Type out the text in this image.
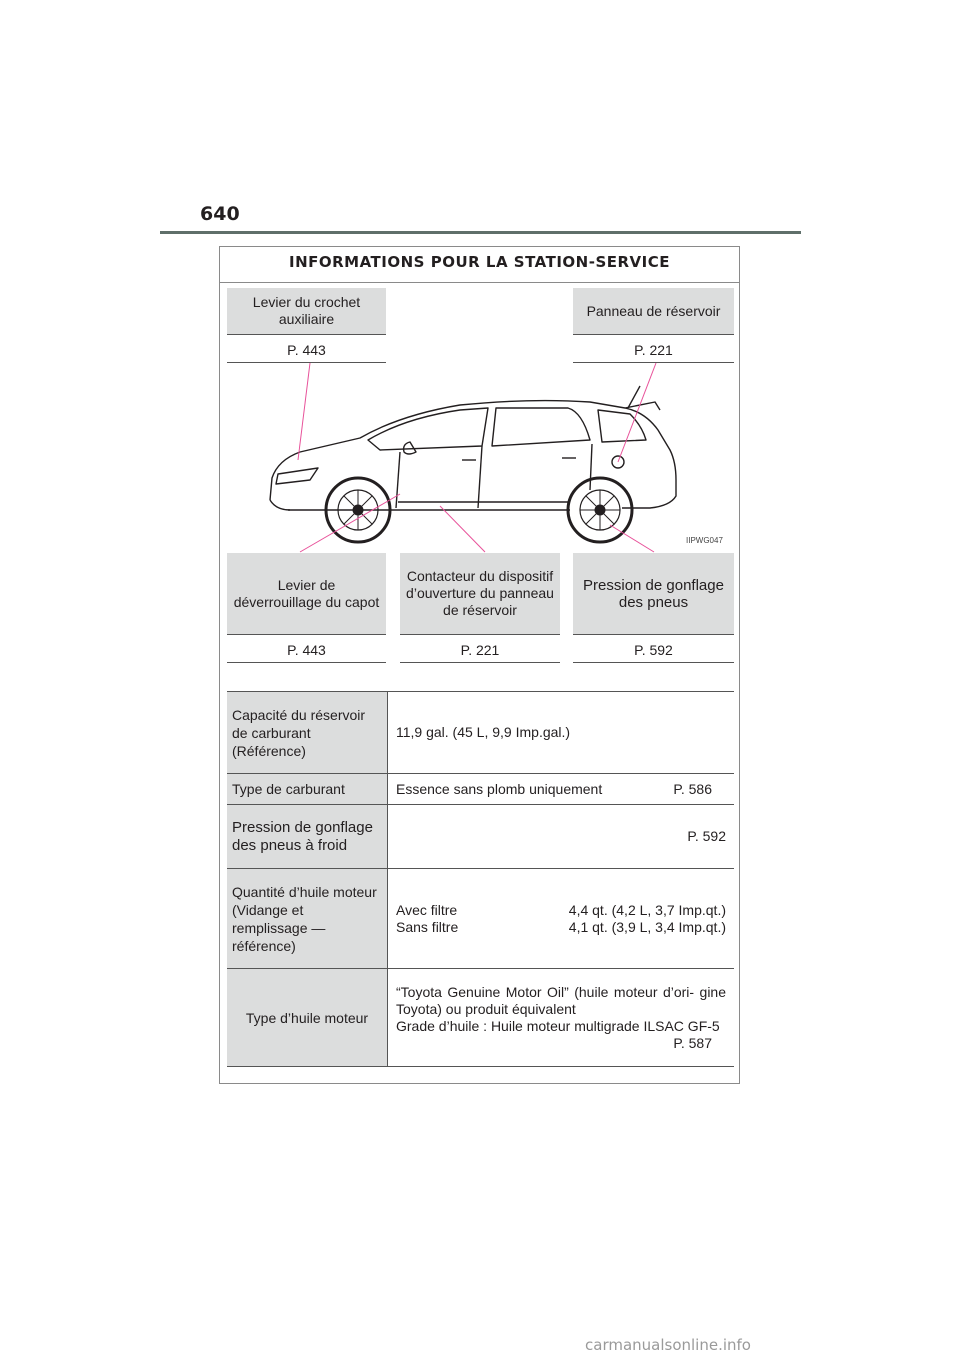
640
INFORMATIONS POUR LA STATION-SERVICE
Levier du crochet auxiliaire
P. 443
Panneau de réservoir
P. 221
IIPWG047
Levier de déverrouillage du capot
P. 443
Contacteur du dispositif d’ouverture du panneau de réservoir
P. 221
Pression de gonflage des pneus
P. 592
Capacité du réservoir de carburant (Référence)	11,9 gal. (45 L, 9,9 Imp.gal.)
Type de carburant	Essence sans plomb uniquement P. 586

Pression de gonflage des pneus à froid	P. 592
Quantité d’huile moteur (Vidange et remplissage — référence)	Avec filtre 4,4 qt. (4,2 L, 3,7 Imp.qt.)
Sans filtre 4,1 qt. (3,9 L, 3,4 Imp.qt.)

Type d’huile moteur	“Toyota Genuine Motor Oil” (huile moteur d’ori- gine Toyota) ou produit équivalent
Grade d’huile : Huile moteur multigrade ILSAC GF-5
P. 587
carmanualsonline.info
